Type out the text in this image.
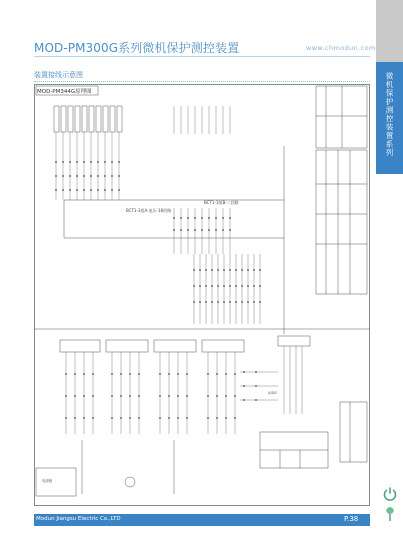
MOD-PM300G系列微机保护测控装置	www.chmodun.com
装置接线示意图
MOD-PM344G原理图
BCT1-1组A-电压-18回路
BCT1-1组B-二回路
A/B/C
电源侧
微机保护测控装置系列
Modun Jiangsu Electric Co.,LTD	P.38
